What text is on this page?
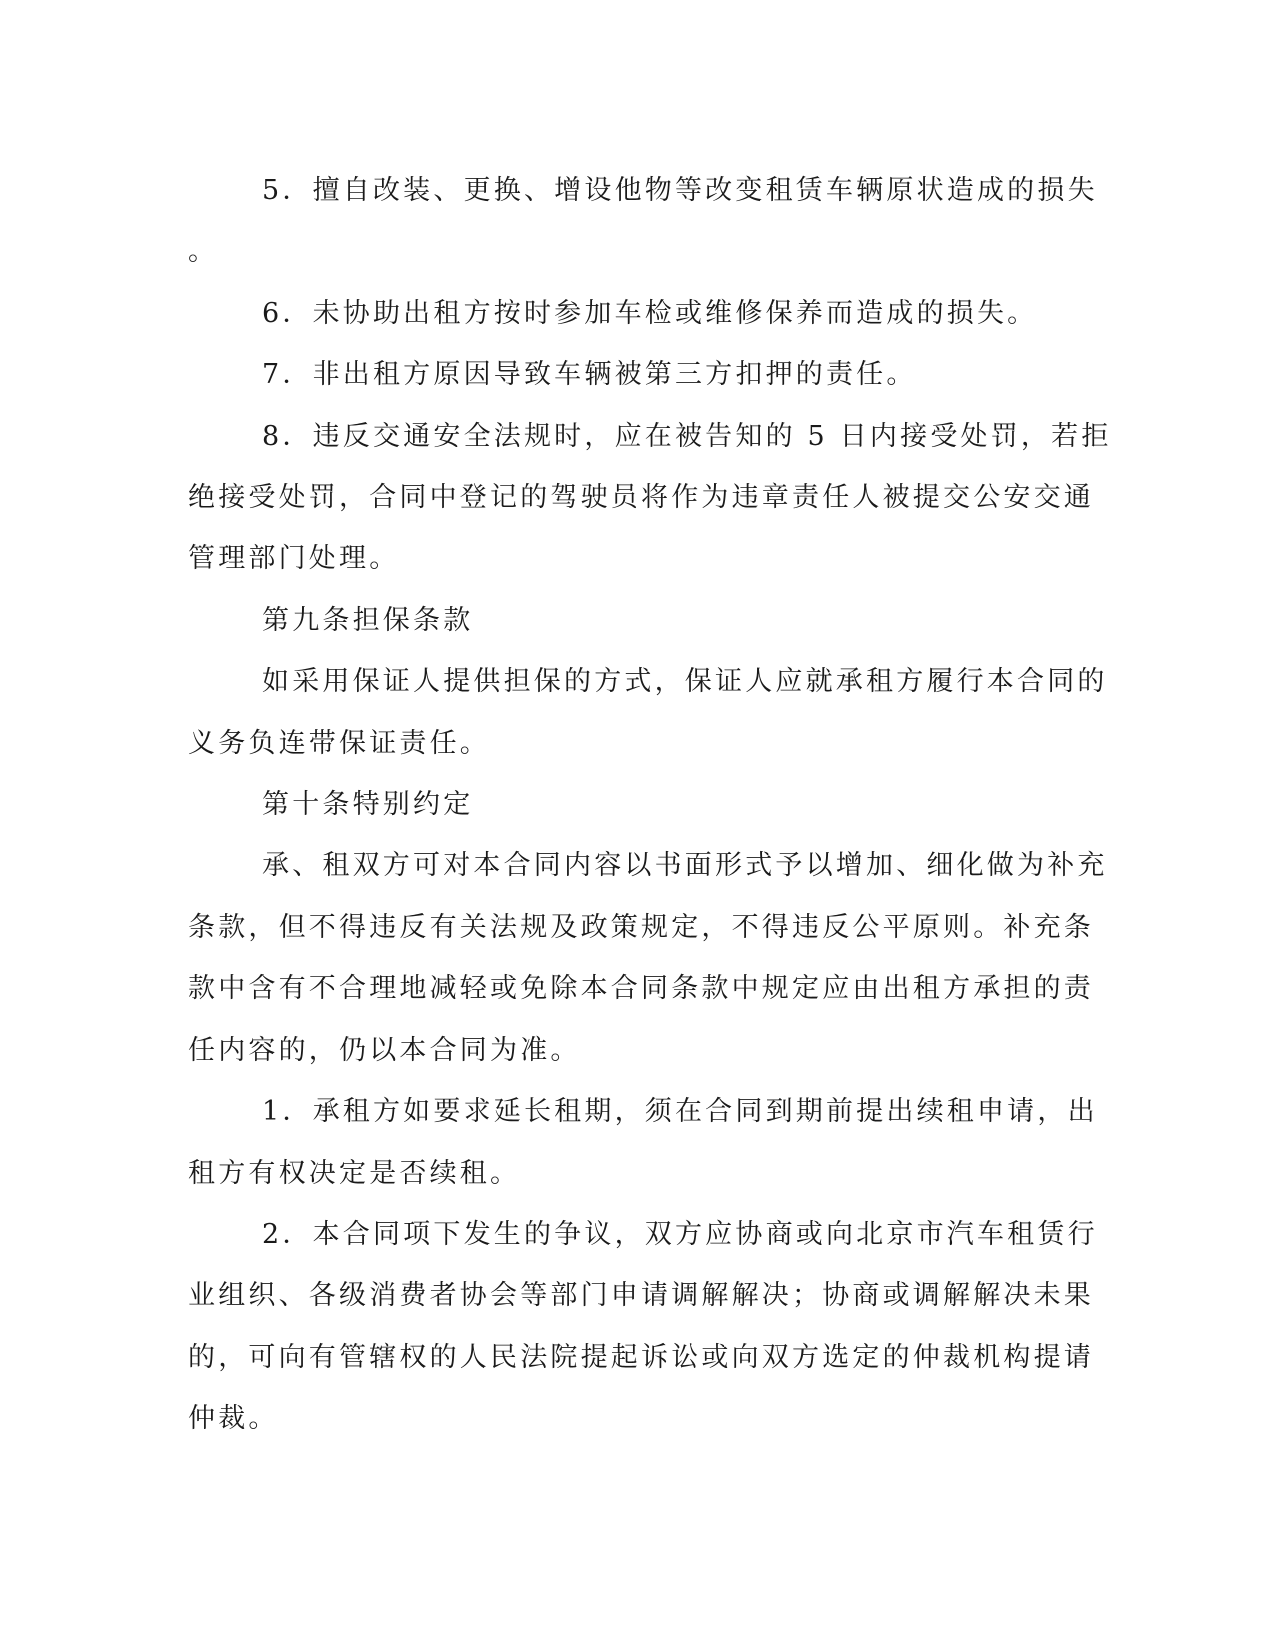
5．擅自改装、更换、增设他物等改变租赁车辆原状造成的损失
。
6．未协助出租方按时参加车检或维修保养而造成的损失。
7．非出租方原因导致车辆被第三方扣押的责任。
8．违反交通安全法规时，应在被告知的 5 日内接受处罚，若拒
绝接受处罚，合同中登记的驾驶员将作为违章责任人被提交公安交通
管理部门处理。
第九条担保条款
如采用保证人提供担保的方式，保证人应就承租方履行本合同的
义务负连带保证责任。
第十条特别约定
承、租双方可对本合同内容以书面形式予以增加、细化做为补充
条款，但不得违反有关法规及政策规定，不得违反公平原则。补充条
款中含有不合理地减轻或免除本合同条款中规定应由出租方承担的责
任内容的，仍以本合同为准。
1．承租方如要求延长租期，须在合同到期前提出续租申请，出
租方有权决定是否续租。
2．本合同项下发生的争议，双方应协商或向北京市汽车租赁行
业组织、各级消费者协会等部门申请调解解决；协商或调解解决未果
的，可向有管辖权的人民法院提起诉讼或向双方选定的仲裁机构提请
仲裁。
